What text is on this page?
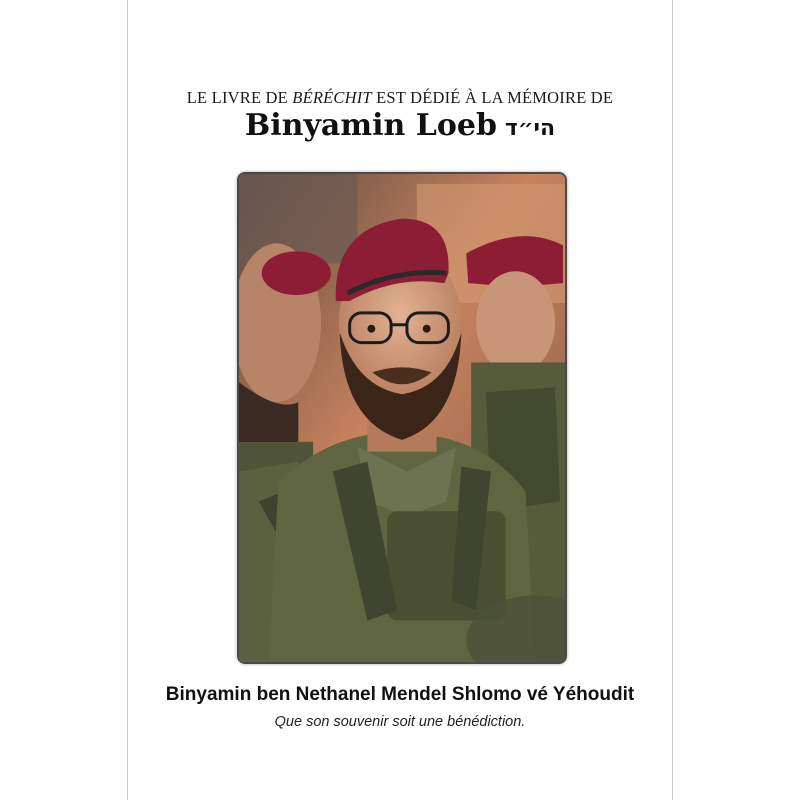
LE LIVRE DE BÉRÉCHIT EST DÉDIÉ À LA MÉMOIRE DE
Binyamin Loeb הי״ד
Binyamin ben Nethanel Mendel Shlomo vé Yéhoudit
Que son souvenir soit une bénédiction.
